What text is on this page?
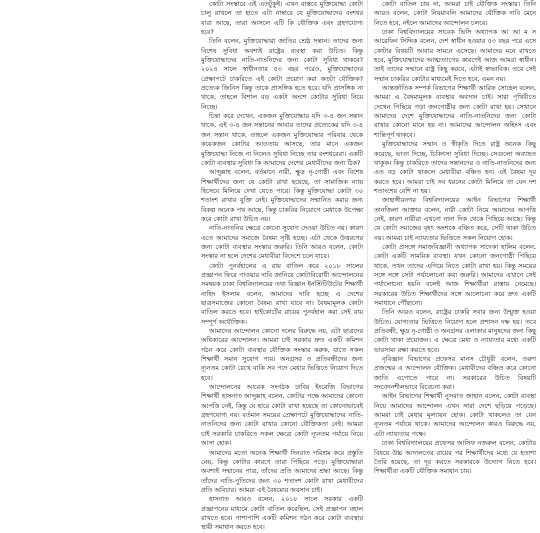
কোটা সংস্কারে এই এতটুকুই। এখন বাস্তবে মুক্তিযোদ্ধা কোটা চালু রাখলে তা হাতে এটা নাম্বারে যে মুক্তিযোদ্ধাদের বংশধর যারা আছে, তারা আসলে এটি কি যৌক্তিক এবং গ্রহণযোগ্য হবে?

তিনি বলেন, মুক্তিযোদ্ধারা জাতির শ্রেষ্ঠ সন্তান। তাদের জন্য বিশেষ সুবিধা অবশ্যই রাষ্ট্রের ব্যবস্থা করা উচিত। কিন্তু মুক্তিযোদ্ধাদের নাতি-নাতনিদের জন্য কোটা সুবিধা থাকবে? ২০২৪ সালে স্বাধীনতার ৫৩ বছর পরেও, মুক্তিযোদ্ধাদের প্রেক্ষাপটে চাকরিতে এই কোটা প্রয়োগ করা কতটা যৌক্তিক? প্রত্যেক জিনিস কিন্তু তাকে প্রাসঙ্গিক হতে হবে। যদি প্রাসঙ্গিক না থাকে, তাহলে বিশাল বড় একটা অংশে কোটার সুবিধা নিয়ে নিচ্ছে।

চিন্তা করে দেখেন, একজন মুক্তিযোদ্ধার যদি ৩-৪ জন সন্তান থাকে, এই ৩-৪ জন সন্তানের আবার তাদের প্রত্যেকের যদি ৩-৪ জন সন্তান থাকে, তাহলে একজন মুক্তিযোদ্ধার পরিবার থেকে কয়েকজন কোটার আওতায় আসছে, তার মানে একজন মুক্তিযোদ্ধা নিজে না নিলেও সুবিধা নিচ্ছে তার বংশধরেরা। একটি কোটা ব্যবস্থার সুবিধা কি আমাদের দেশের মেধাবীদের জন্য ঠিক?

আব্দুল্লাহ বলেন, বর্তমানে নারী, ক্ষুদ্র নৃ-গোষ্ঠী এবং বিশেষ শিক্ষার্থীদের জন্য যে কোটা রাখা হয়েছে, তা সামাজিক ন্যায় হিসেবে মিলিয়ে দেখা যেতে পারে। কিন্তু মুক্তিযোদ্ধা কোটা ৩০ শতাংশ রাখার যুক্তি নেই। মুক্তিযোদ্ধাদের সম্মানিত করার জন্য বিকল্প অনেক পথ আছে, কিন্তু চাকরির নিয়োগে মেধাকে উপেক্ষা করে কোটা রাখা উচিত নয়।

নাতি-নাতনির ক্ষেত্রে কোনো সুযোগ দেওয়া উচিত নয়। কারণ এতে আমাদের সমাজে বৈষম্য সৃষ্টি হচ্ছে। এটা থেকে উত্তরণের জন্য কোটা ব্যবস্থার সংস্কার জরুরি। তিনি আরও বলেন, কোটা সংস্কার না হলে দেশের মেধাবীরা বিদেশে চলে যাবে।

কোটা পুনর্বহালের এ রায় বাতিল করে ২০১৮ সালের প্রজ্ঞাপন ফিরে পাওয়ার দাবি জানিয়ে কোটাবিরোধী আন্দোলনের সমন্বয়ক ঢাকা বিশ্ববিদ্যালয়ের তথ্য বিজ্ঞান ইনস্টিটিউটের শিক্ষার্থী নাহিদ ইসলাম বলেন, আমাদের দাবি হচ্ছে এ দেশের ছাত্রসমাজের কোনো বৈষম্য রাখা যাবে না। বৈষম্যমূলক কোটা বাতিল করতে হবে। হাইকোর্টের রায়ের পুনর্বহাল করা সেই রায় সম্পূর্ণ অযৌক্তিক।

আমাদের আন্দোলন কোনো দলের বিরুদ্ধে নয়, এটা ছাত্রদের অধিকারের আন্দোলন। আমরা চাই সরকার দ্রুত একটি কমিশন গঠন করে কোটা ব্যবস্থার যৌক্তিক সংস্কার করুক, যাতে সকল শিক্ষার্থী সমান সুযোগ পায়। অনগ্রসর ও প্রতিবন্ধীদের জন্য ন্যূনতম কোটা রেখে বাকি সব পদে মেধার ভিত্তিতে নিয়োগ দিতে হবে।

আন্দোলনের আরেক সংগঠক ঢাবির ইংরেজি বিভাগের শিক্ষার্থী হাসনাত আব্দুল্লাহ বলেন, কোটার পক্ষে আমাদের কোনো আপত্তি নেই, কিন্তু যে হারে কোটা রাখা হয়েছে তা কোনোভাবেই গ্রহণযোগ্য নয়। বর্তমান সময়ের প্রেক্ষাপটে মুক্তিযোদ্ধাদের নাতি-নাতনিদের জন্য কোটা রাখার কোনো যৌক্তিকতা নেই। আমরা চাই সরকারি চাকরিতে সকল ক্ষেত্রে কোটা ন্যূনতম পর্যায়ে নিয়ে আসা হোক।

আমাদের মতো অনেক শিক্ষার্থী দিনরাত পরিশ্রম করে প্রস্তুতি নেয়, কিন্তু কোটার কারণে তারা পিছিয়ে পড়ে। মুক্তিযোদ্ধারা অবশ্যই সম্মানের পাত্র, তাঁদের প্রতি আমাদের শ্রদ্ধা আছে। কিন্তু তাঁদের নাতি-পুতিদের জন্য ৩০ শতাংশ কোটা রাখা মেধাবীদের প্রতি অবিচার। আমরা এই বৈষম্যের অবসান চাই।

হাসনাত আরও বলেন, ২০১৮ সালে সরকার একটি প্রজ্ঞাপনের মাধ্যমে কোটা বাতিল করেছিল, সেই প্রজ্ঞাপন বহাল রাখতে হবে। পাশাপাশি একটি কমিশন গঠন করে কোটা ব্যবস্থার স্থায়ী সমাধান করতে হবে।

কোটা বাতিল চায় না, আমরা চাই যৌক্তিক সংস্কার। তিনি আরও বলেন, কোটা নিয়মাবলি আমাদের যৌক্তিক দাবি মেনে নিতে হবে, নইলে আমাদের আন্দোলন চলবে।

ঢাকা বিশ্ববিদ্যালয়ের সাবেক ভিসি অধ্যাপক আ আ ম স আরেফিন সিদ্দিক বলেন, দেশ স্বাধীন হওয়ার ৫৩ বছর পরে এসে কোটার বিষয়টি আবার সামনে এসেছে। আমাদের মনে রাখতে হবে, মুক্তিযোদ্ধাদের আত্মত্যাগের কারণেই আজ আমরা স্বাধীন। তাই তাদের সম্মানে রাষ্ট্র কিছু করবে, এটাই স্বাভাবিক। তবে সেই সম্মান চাকরির কোটার মাধ্যমেই দিতে হবে, এমন নয়।

আন্তর্জাতিক সম্পর্ক বিভাগের শিক্ষার্থী আরিফ সোহেল বলেন, আমরা এ বৈষম্যমূলক ব্যবস্থার অবসান চাই। সারা পৃথিবীতে দেখেন পিছিয়ে পড়া জনগোষ্ঠীর জন্য কোটা রাখা হয়। সেখানে আমাদের দেশে মুক্তিযোদ্ধাদের নাতি-নাতনিদের জন্য কোটা রাখার কোনো মানে হয় না। আমাদের আন্দোলন অহিংস এবং শান্তিপূর্ণ থাকবে।

মুক্তিযোদ্ধাদের সম্মান ও স্বীকৃতি দিতে রাষ্ট্র অনেক কিছু করেছে, ভাতা দিচ্ছে, চিকিৎসা সুবিধা দিচ্ছে। সেগুলো অব্যাহত থাকুক। কিন্তু চাকরিতে তাদের সন্তানদের ও নাতি-নাতনিদের জন্য এত বড় কোটা থাকলে মেধাবীরা বঞ্চিত হন। এই বৈষম্য দূর করতে হবে। আমরা চাই সব ধরনের কোটা মিলিয়ে তা যেন দশ শতাংশের বেশি না হয়।

জাহাঙ্গীরনগর বিশ্ববিদ্যালয়ের আইন বিভাগের শিক্ষার্থী তানজিলা আক্তার বলেন, নারী কোটা নিয়ে আমাদের আপত্তি নেই, কারণ নারীরা এখনো নানা দিক থেকে পিছিয়ে আছে। কিন্তু যে কোটা সমাজের বৃহৎ অংশকে বঞ্চিত করে, সেটি থাকা উচিত নয়। আমরা চাই ন্যায্যতার ভিত্তিতে সকল নিয়োগ হোক।

কোটা প্রসঙ্গে সমাজবিজ্ঞানী অধ্যাপক সাদেকা হালিম বলেন, কোটা একটি সাময়িক ব্যবস্থা। যখন কোনো জনগোষ্ঠী পিছিয়ে থাকে, তখন তাদের এগিয়ে নিতে কোটা রাখা হয়। কিন্তু সময়ের সঙ্গে সঙ্গে সেটা পর্যালোচনা করা জরুরি। আমাদের এখানে সেই পর্যালোচনা হয়নি বলেই আজ শিক্ষার্থীরা রাস্তায় নেমেছে। সরকারের উচিত শিক্ষার্থীদের সঙ্গে আলোচনা করে দ্রুত একটি সমাধানে পৌঁছানো।

তিনি আরও বলেন, রাষ্ট্রের চাকরি সবার জন্য উন্মুক্ত হওয়া উচিত। যোগ্যতার ভিত্তিতে নিয়োগ হলে প্রশাসন দক্ষ হয়। তবে প্রতিবন্ধী, ক্ষুদ্র নৃ-গোষ্ঠী ও অনগ্রসর এলাকার মানুষদের জন্য কিছু কোটা থাকা প্রয়োজন। এ ক্ষেত্রে মেধা ও ন্যায্যতার মধ্যে একটি ভারসাম্য রক্ষা করতে হবে।

নৃবিজ্ঞান বিভাগের প্রফেসর মানস চৌধুরী বলেন, তরুণ প্রজন্মের এ আন্দোলন যৌক্তিক। মেধাবীদের বঞ্চিত করে কোনো জাতি এগোতে পারে না। সরকারের উচিত বিষয়টি সংবেদনশীলভাবে বিবেচনা করা।

আইন বিভাগের শিক্ষার্থী নুসরাত জাহান বলেন, কোটা ব্যবস্থা নিয়ে আমাদের আন্দোলন এখন সারা দেশে ছড়িয়ে পড়েছে। আমরা চাই মেধার মূল্যায়ন হোক। কোটা থাকলেও তা যেন ন্যূনতম পর্যায়ে থাকে। আমাদের আন্দোলন কারও বিরুদ্ধে নয়, এটা ন্যায্যতার পক্ষে।

ঢাকা বিশ্ববিদ্যালয়ের প্রফেসর আসিফ নজরুল বলেন, কোটার বিষয়ে উচ্চ আদালতের রায়ের পর শিক্ষার্থীদের মধ্যে যে হতাশা তৈরি হয়েছে, তা দূর করতে সরকারকে উদ্যোগ নিতে হবে। শিক্ষার্থীরা একটি যৌক্তিক সমাধান চায়।
